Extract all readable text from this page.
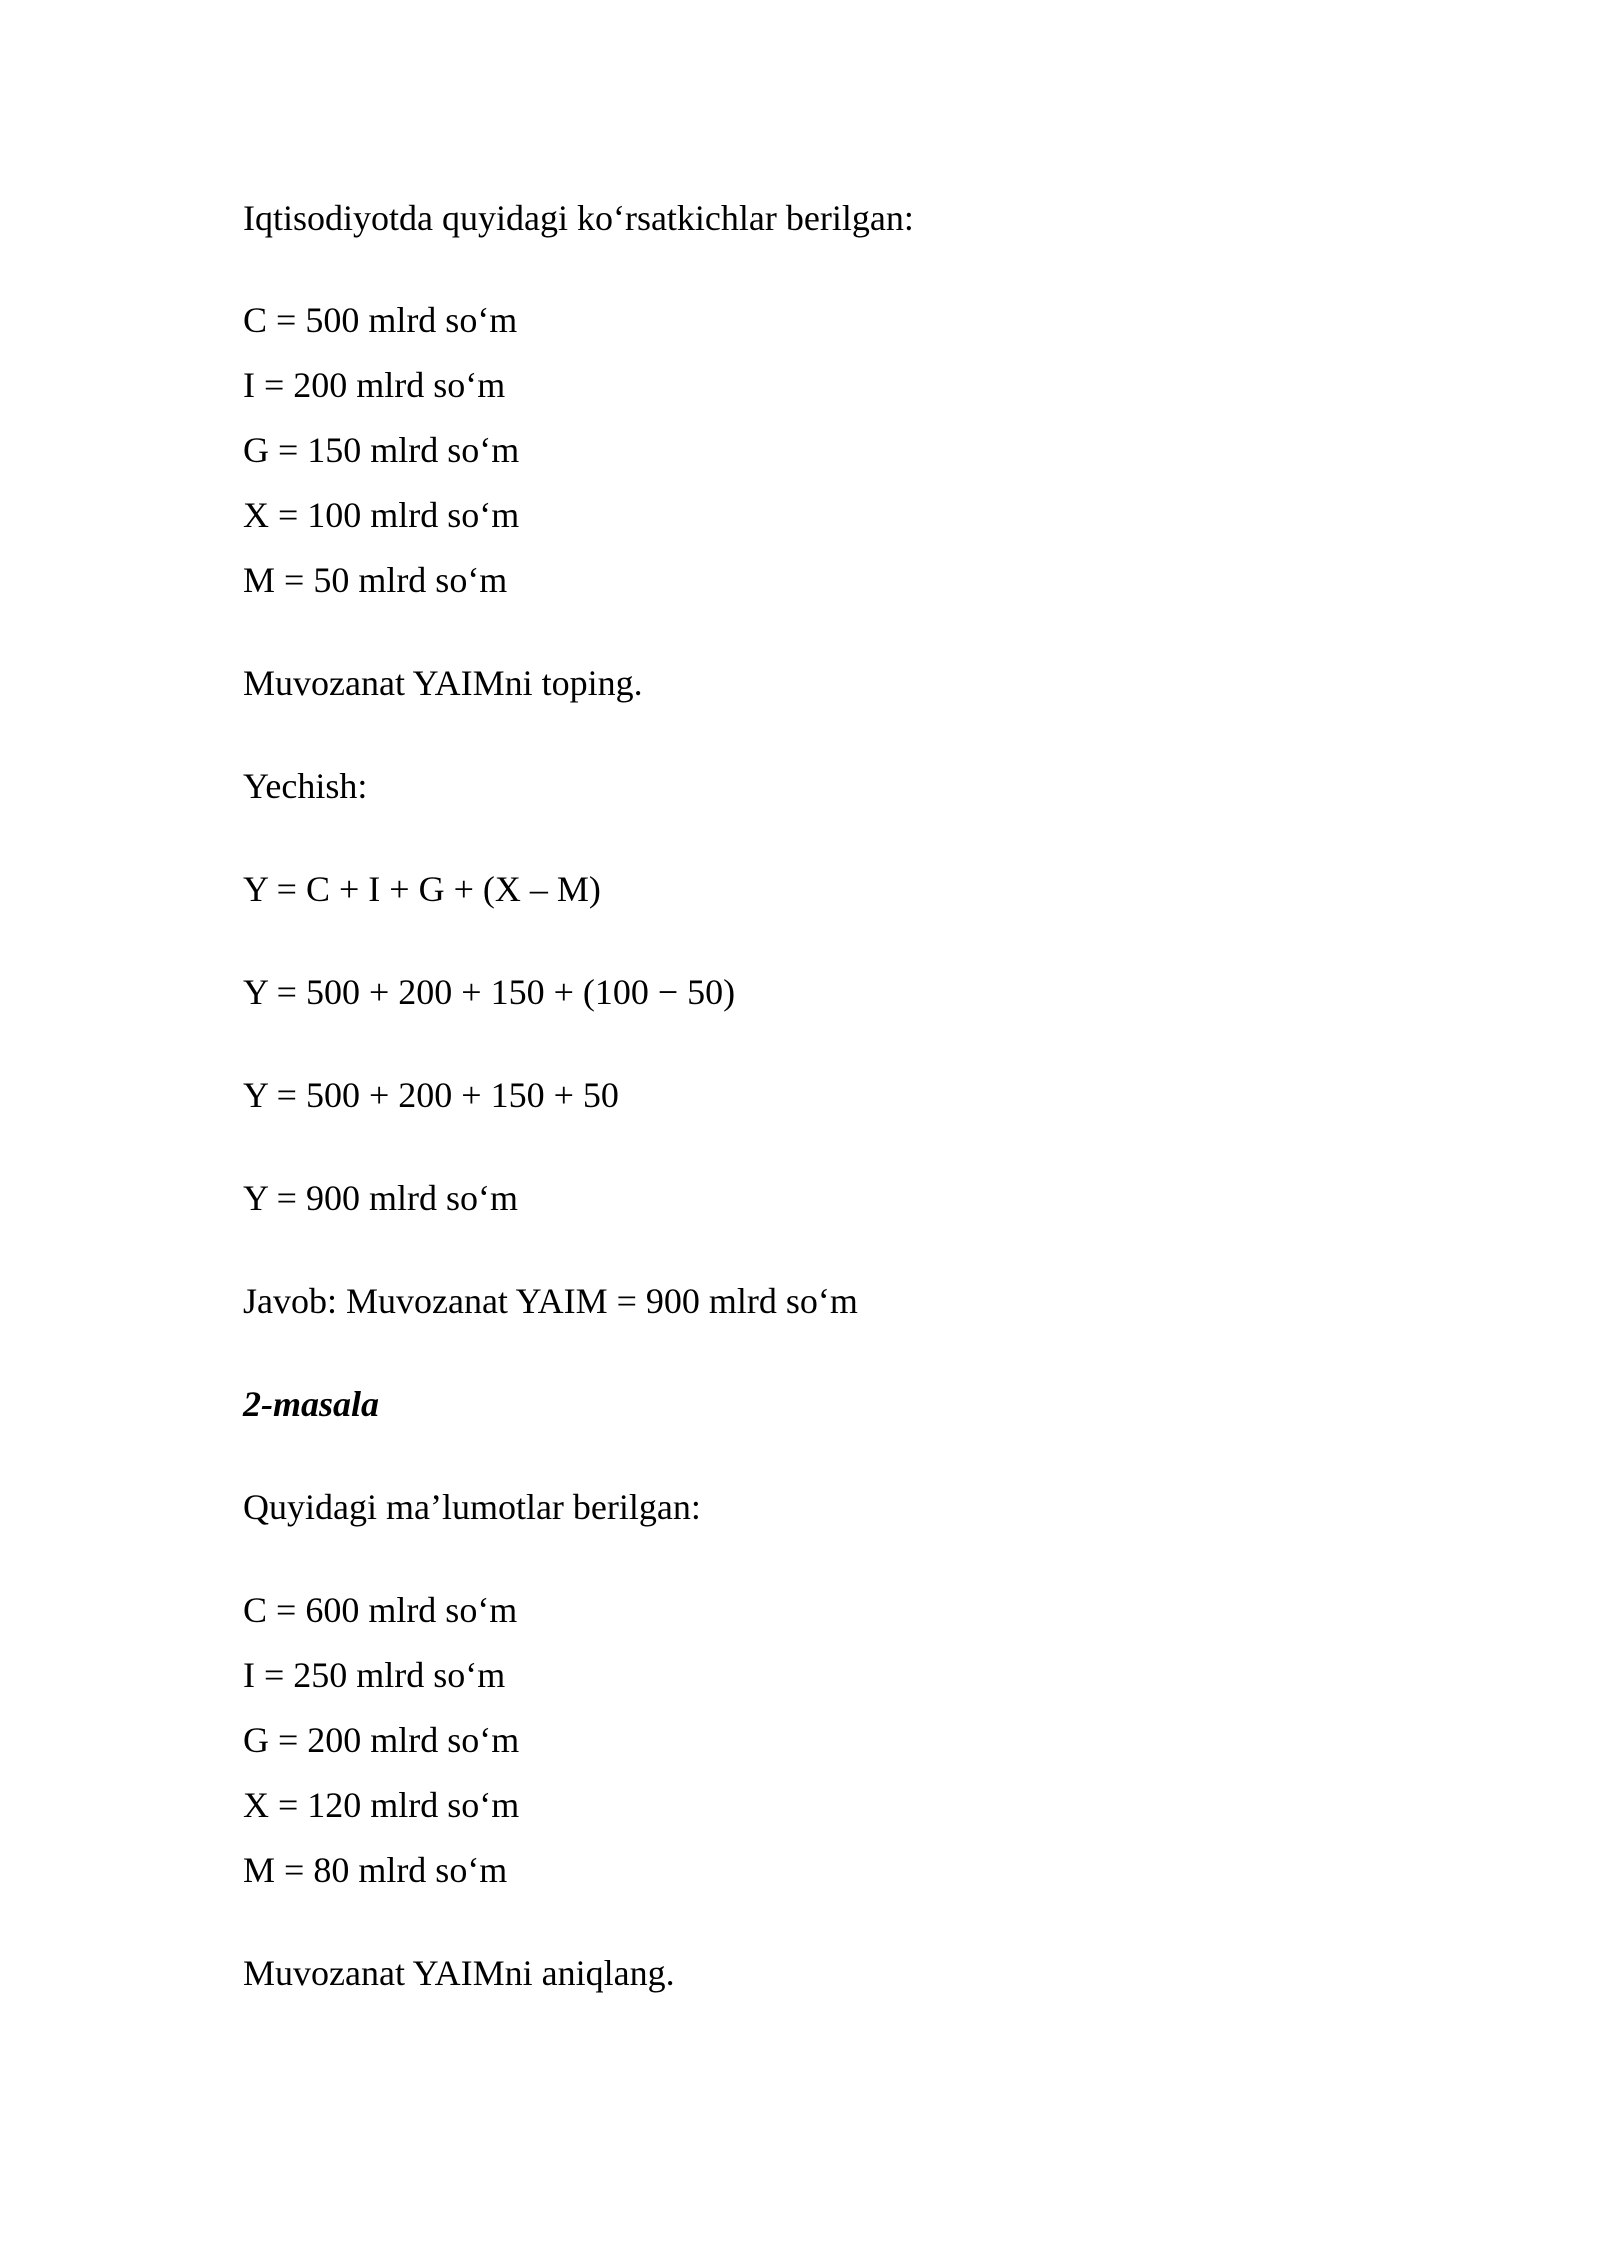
Iqtisodiyotda quyidagi ko‘rsatkichlar berilgan:
C = 500 mlrd so‘m
I = 200 mlrd so‘m
G = 150 mlrd so‘m
X = 100 mlrd so‘m
M = 50 mlrd so‘m
Muvozanat YAIMni toping.
Yechish:
Y = C + I + G + (X – M)
Y = 500 + 200 + 150 + (100 − 50)
Y = 500 + 200 + 150 + 50
Y = 900 mlrd so‘m
Javob: Muvozanat YAIM = 900 mlrd so‘m
2-masala
Quyidagi ma’lumotlar berilgan:
C = 600 mlrd so‘m
I = 250 mlrd so‘m
G = 200 mlrd so‘m
X = 120 mlrd so‘m
M = 80 mlrd so‘m
Muvozanat YAIMni aniqlang.
